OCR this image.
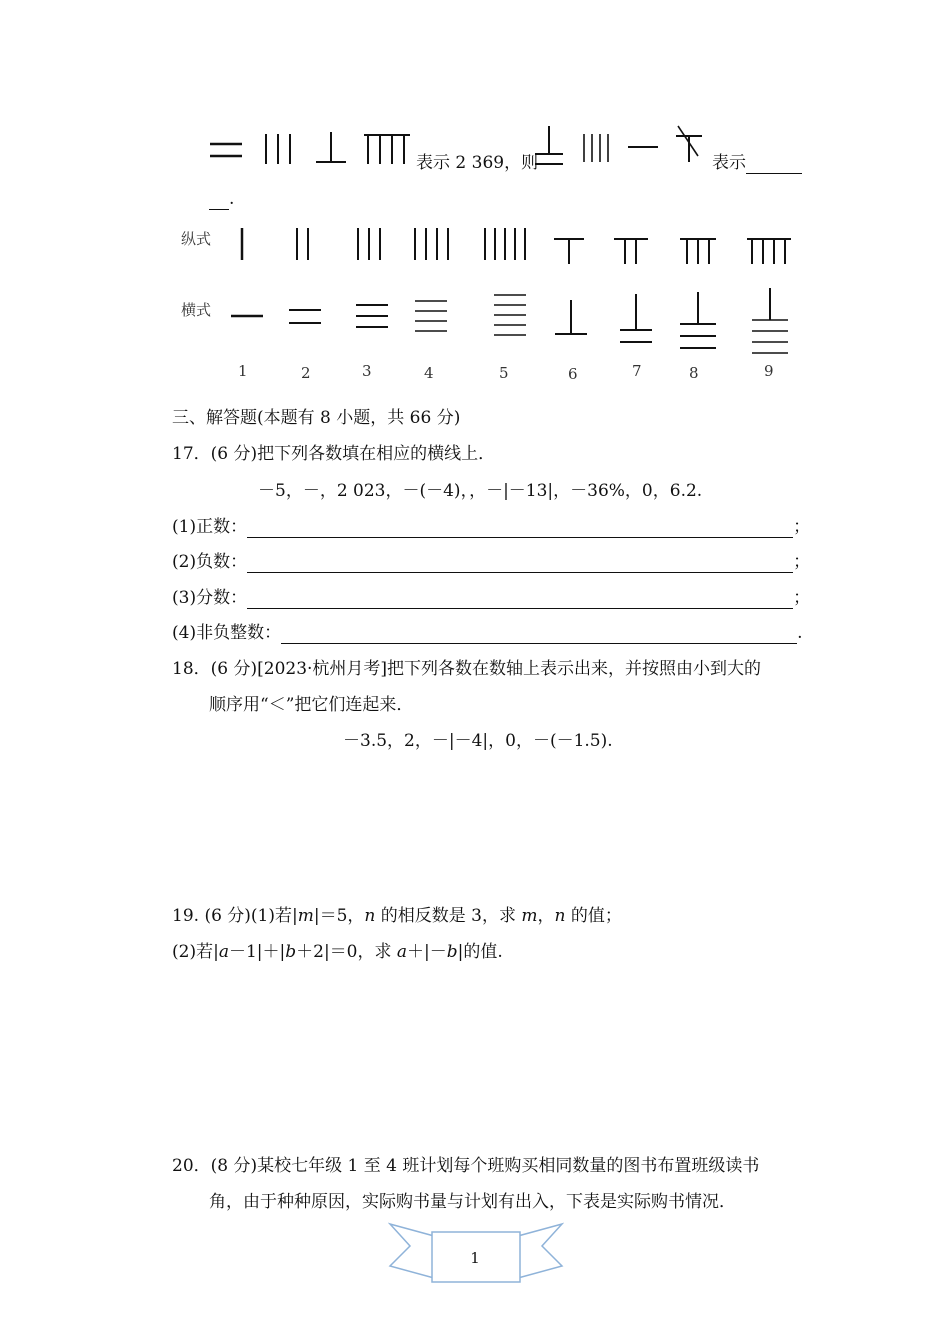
表示 2 369，则	表示
.
纵式
横式
1	2	3	4	5	6	7	8	9
三、解答题(本题有 8 小题，共 66 分)
17．(6 分)把下列各数填在相应的横线上．
－5，－，2 023，－(－4)，，－|－13|，－36%，0，6.2.
(1)正数：	；
(2)负数：	；
(3)分数：	；
(4)非负整数：	.
18．(6 分)[2023·杭州月考]把下列各数在数轴上表示出来，并按照由小到大的
顺序用“＜”把它们连起来．
－3.5，2，－|－4|，0，－(－1.5).
19. (6 分)(1)若|m|＝5，n 的相反数是 3，求 m，n 的值；
(2)若|a－1|＋|b＋2|＝0，求 a＋|－b|的值.
20．(8 分)某校七年级 1 至 4 班计划每个班购买相同数量的图书布置班级读书
角，由于种种原因，实际购书量与计划有出入，下表是实际购书情况．
1
